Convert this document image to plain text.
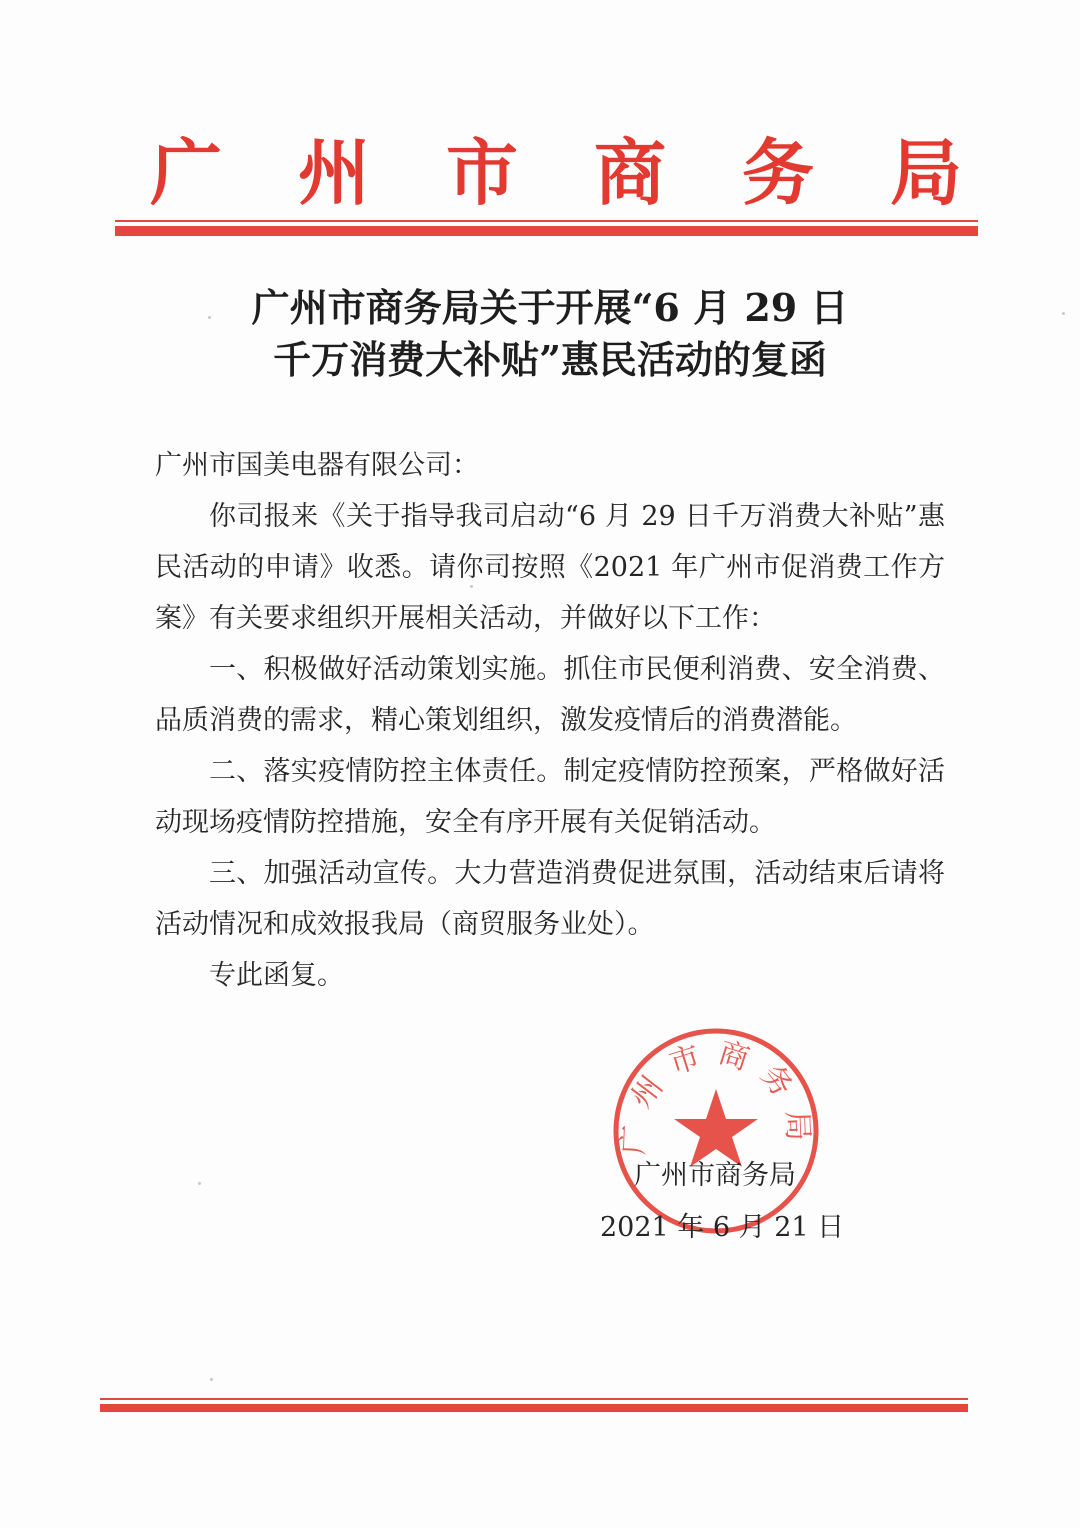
广州市商务局
广州市商务局关于开展“6 月 29 日
千万消费大补贴”惠民活动的复函

广州市国美电器有限公司：

你司报来《关于指导我司启动“6 月 29 日千万消费大补贴”惠民活动的申请》收悉。请你司按照《2021 年广州市促消费工作方案》有关要求组织开展相关活动，并做好以下工作：

一、积极做好活动策划实施。抓住市民便利消费、安全消费、品质消费的需求，精心策划组织，激发疫情后的消费潜能。

二、落实疫情防控主体责任。制定疫情防控预案，严格做好活动现场疫情防控措施，安全有序开展有关促销活动。

三、加强活动宣传。大力营造消费促进氛围，活动结束后请将活动情况和成效报我局（商贸服务业处）。

专此函复。

广州市商务局
广州市商务局
2021 年 6 月 21 日
